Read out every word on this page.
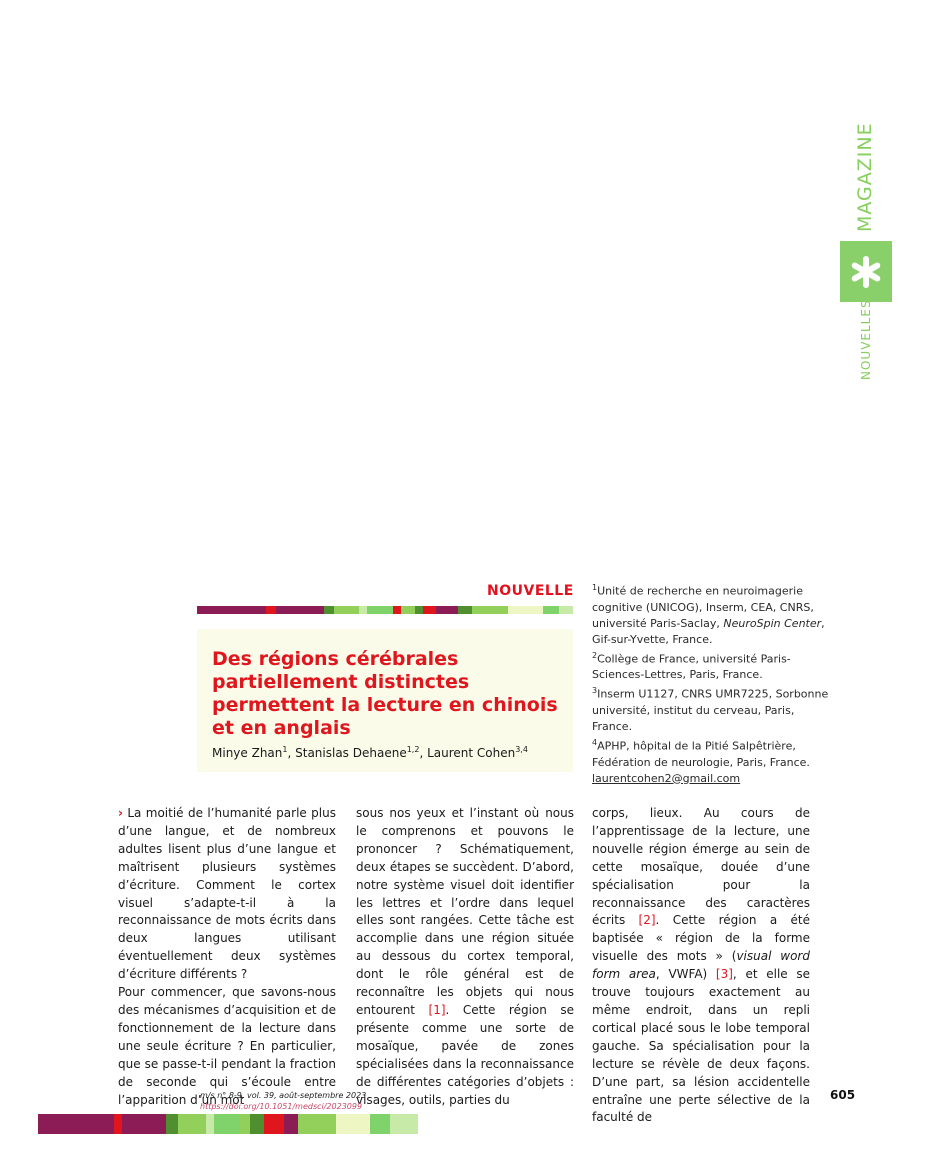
MAGAZINE
NOUVELLES
NOUVELLE
Des régions cérébrales partiellement distinctes permettent la lecture en chinois et en anglais
Minye Zhan$^1$, Stanislas Dehaene$^{1,2}$, Laurent Cohen$^{3,4}$

$^1$Unité de recherche en neuroimagerie cognitive (UNICOG), Inserm, CEA, CNRS, université Paris-Saclay, NeuroSpin Center, Gif-sur-Yvette, France.

$^2$Collège de France, université Paris-Sciences-Lettres, Paris, France.

$^3$Inserm U1127, CNRS UMR7225, Sorbonne université, institut du cerveau, Paris, France.

$^4$APHP, hôpital de la Pitié Salpêtrière, Fédération de neurologie, Paris, France.

laurentcohen2@gmail.com

› La moitié de l’humanité parle plus d’une langue, et de nombreux adultes lisent plus d’une langue et maîtrisent plusieurs systèmes d’écriture. Comment le cortex visuel s’adapte-t-il à la reconnaissance de mots écrits dans deux langues utilisant éventuellement deux systèmes d’écriture différents ?

Pour commencer, que savons-nous des mécanismes d’acquisition et de fonctionnement de la lecture dans une seule écriture ? En particulier, que se passe-t-il pendant la fraction de seconde qui s’écoule entre l’apparition d’un mot

sous nos yeux et l’instant où nous le comprenons et pouvons le prononcer ? Schématiquement, deux étapes se succèdent. D’abord, notre système visuel doit identifier les lettres et l’ordre dans lequel elles sont rangées. Cette tâche est accomplie dans une région située au dessous du cortex temporal, dont le rôle général est de reconnaître les objets qui nous entourent [1]. Cette région se présente comme une sorte de mosaïque, pavée de zones spécialisées dans la reconnaissance de différentes catégories d’objets : visages, outils, parties du

corps, lieux. Au cours de l’apprentissage de la lecture, une nouvelle région émerge au sein de cette mosaïque, douée d’une spécialisation pour la reconnaissance des caractères écrits [2]. Cette région a été baptisée « région de la forme visuelle des mots » (visual word form area, VWFA) [3], et elle se trouve toujours exactement au même endroit, dans un repli cortical placé sous le lobe temporal gauche. Sa spécialisation pour la lecture se révèle de deux façons. D’une part, sa lésion accidentelle entraîne une perte sélective de la faculté de

m/s n° 8-9, vol. 39, août-septembre 2023
https://doi.org/10.1051/medsci/2023099
605
